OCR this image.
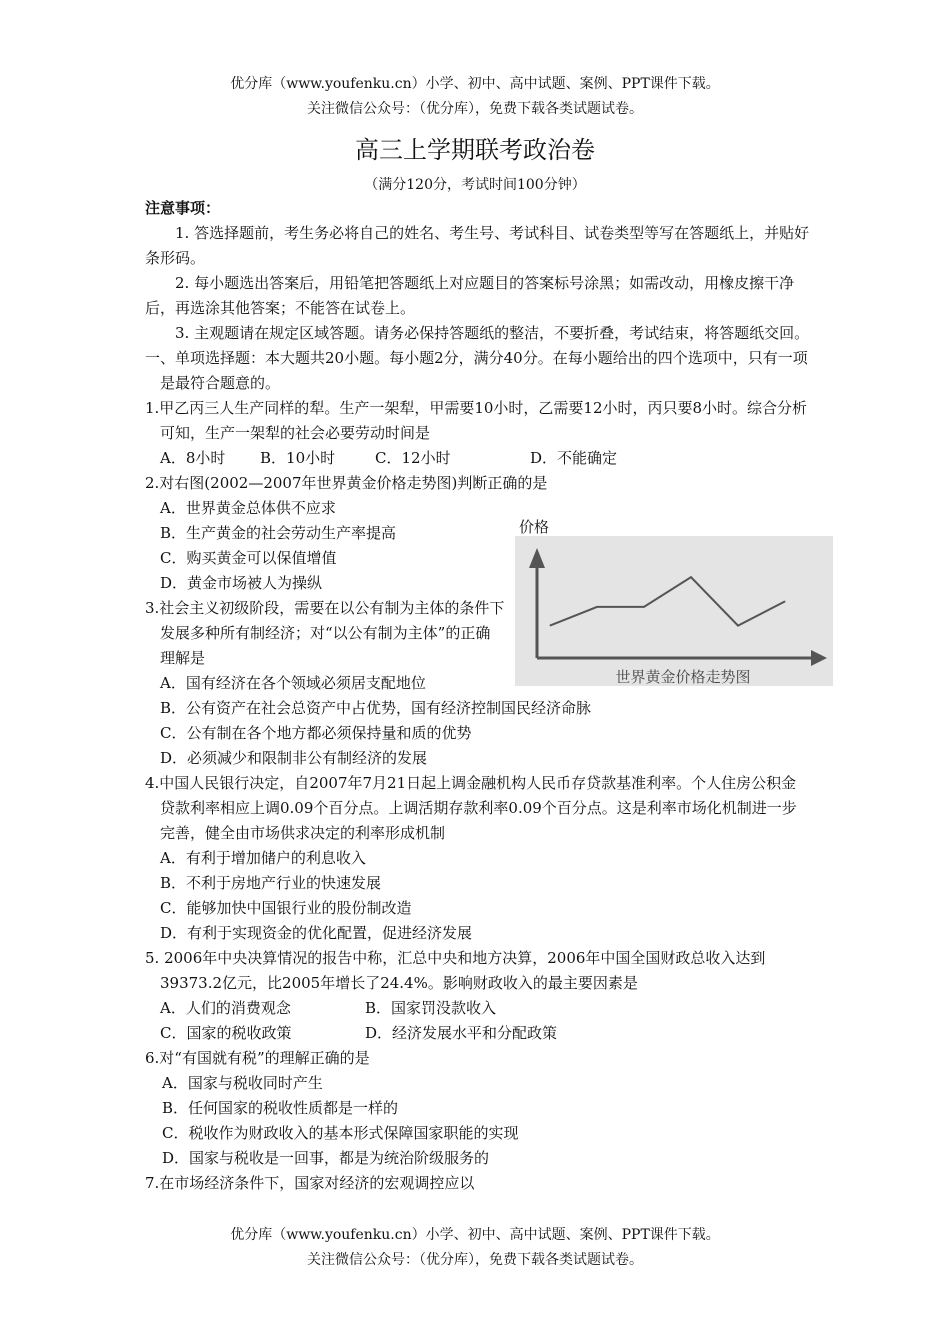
优分库（www.youfenku.cn）小学、初中、高中试题、案例、PPT课件下载。
关注微信公众号：（优分库），免费下载各类试题试卷。
高三上学期联考政治卷
（满分120分，考试时间100分钟）

注意事项：

1. 答选择题前，考生务必将自己的姓名、考生号、考试科目、试卷类型等写在答题纸上，并贴好条形码。

2. 每小题选出答案后，用铅笔把答题纸上对应题目的答案标号涂黑；如需改动，用橡皮擦干净后，再选涂其他答案；不能答在试卷上。

3. 主观题请在规定区域答题。请务必保持答题纸的整洁，不要折叠，考试结束，将答题纸交回。

一、单项选择题：本大题共20小题。每小题2分，满分40分。在每小题给出的四个选项中，只有一项是最符合题意的。

1.甲乙丙三人生产同样的犁。生产一架犁，甲需要10小时，乙需要12小时，丙只要8小时。综合分析可知，生产一架犁的社会必要劳动时间是

A．8小时	B．10小时	C．12小时	D．不能确定

2.对右图(2002—2007年世界黄金价格走势图)判断正确的是

A．世界黄金总体供不应求

B．生产黄金的社会劳动生产率提高

C．购买黄金可以保值增值

D．黄金市场被人为操纵

3.社会主义初级阶段，需要在以公有制为主体的条件下发展多种所有制经济；对“以公有制为主体”的正确理解是

A．国有经济在各个领域必须居支配地位

B．公有资产在社会总资产中占优势，国有经济控制国民经济命脉

C．公有制在各个地方都必须保持量和质的优势

D．必须减少和限制非公有制经济的发展

4.中国人民银行决定，自2007年7月21日起上调金融机构人民币存贷款基准利率。个人住房公积金贷款利率相应上调0.09个百分点。上调活期存款利率0.09个百分点。这是利率市场化机制进一步完善，健全由市场供求决定的利率形成机制

A．有利于增加储户的利息收入

B．不利于房地产行业的快速发展

C．能够加快中国银行业的股份制改造

D．有利于实现资金的优化配置，促进经济发展

5. 2006年中央决算情况的报告中称，汇总中央和地方决算，2006年中国全国财政总收入达到39373.2亿元，比2005年增长了24.4%。影响财政收入的最主要因素是

A．人们的消费观念	B．国家罚没款收入
C．国家的税收政策	D．经济发展水平和分配政策

6.对“有国就有税”的理解正确的是

A．国家与税收同时产生

B．任何国家的税收性质都是一样的

C．税收作为财政收入的基本形式保障国家职能的实现

D．国家与税收是一回事，都是为统治阶级服务的

7.在市场经济条件下，国家对经济的宏观调控应以

价格
世界黄金价格走势图
优分库（www.youfenku.cn）小学、初中、高中试题、案例、PPT课件下载。
关注微信公众号：（优分库），免费下载各类试题试卷。
